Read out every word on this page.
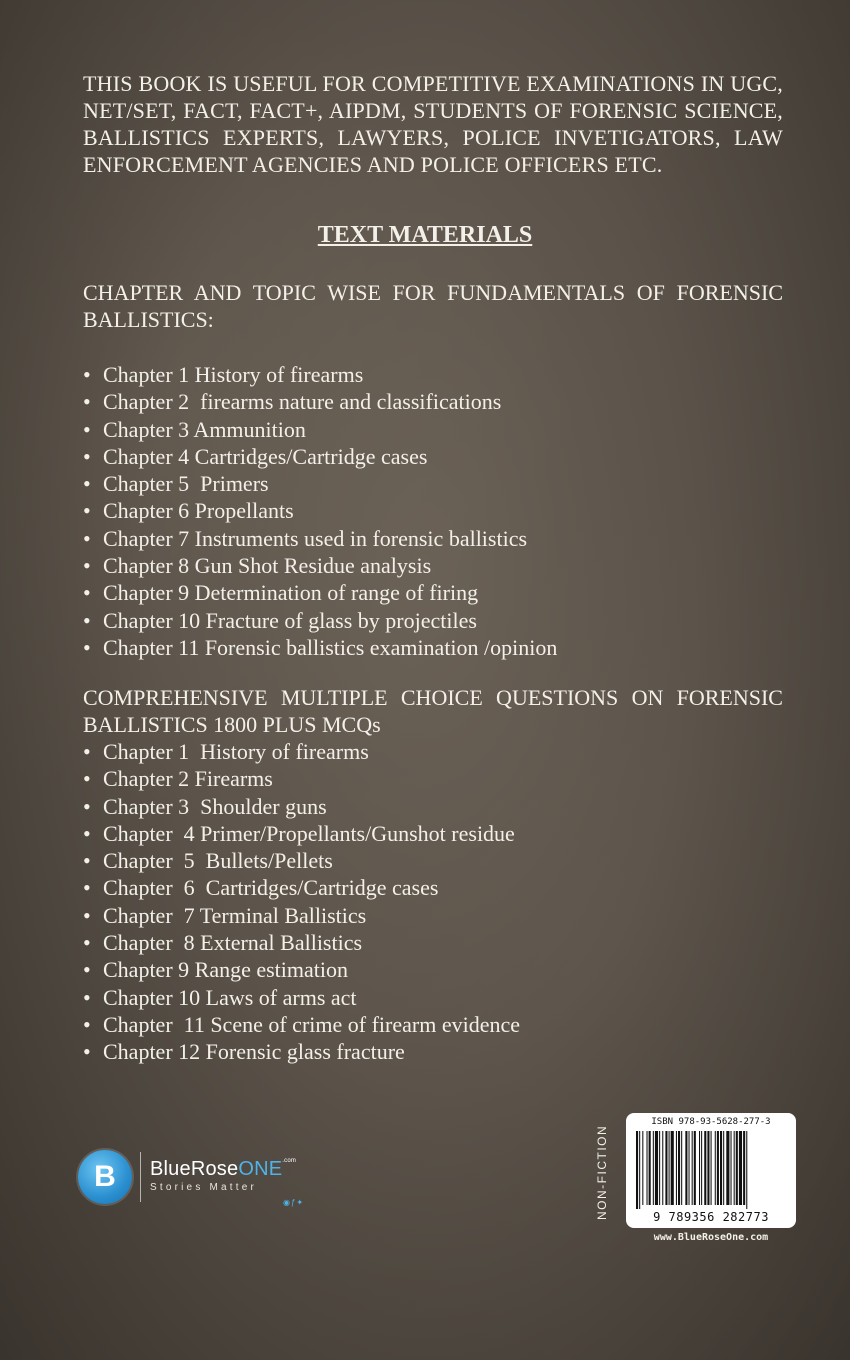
THIS BOOK IS USEFUL FOR COMPETITIVE EXAMINATIONS IN UGC, NET/SET, FACT, FACT+, AIPDM, STUDENTS OF FORENSIC SCIENCE, BALLISTICS EXPERTS, LAWYERS, POLICE INVETIGATORS, LAW ENFORCEMENT AGENCIES AND POLICE OFFICERS ETC.
TEXT MATERIALS
CHAPTER AND TOPIC WISE FOR FUNDAMENTALS OF FORENSIC BALLISTICS:
• Chapter 1 History of firearms
• Chapter 2  firearms nature and classifications
• Chapter 3 Ammunition
• Chapter 4 Cartridges/Cartridge cases
• Chapter 5  Primers
• Chapter 6 Propellants
• Chapter 7 Instruments used in forensic ballistics
• Chapter 8 Gun Shot Residue analysis
• Chapter 9 Determination of range of firing
• Chapter 10 Fracture of glass by projectiles
• Chapter 11 Forensic ballistics examination /opinion
COMPREHENSIVE MULTIPLE CHOICE QUESTIONS ON FORENSIC BALLISTICS 1800 PLUS MCQs
• Chapter 1  History of firearms
• Chapter 2 Firearms
• Chapter 3  Shoulder guns
• Chapter  4 Primer/Propellants/Gunshot residue
• Chapter  5  Bullets/Pellets
• Chapter  6  Cartridges/Cartridge cases
• Chapter  7 Terminal Ballistics
• Chapter  8 External Ballistics
• Chapter 9 Range estimation
• Chapter 10 Laws of arms act
• Chapter  11 Scene of crime of firearm evidence
• Chapter 12 Forensic glass fracture
B	BlueRoseONE$^{.com}$
Stories Matter
◉ƒ✦	NON-FICTION
ISBN 978-93-5628-277-3
9 789356 282773
www.BlueRoseOne.com
